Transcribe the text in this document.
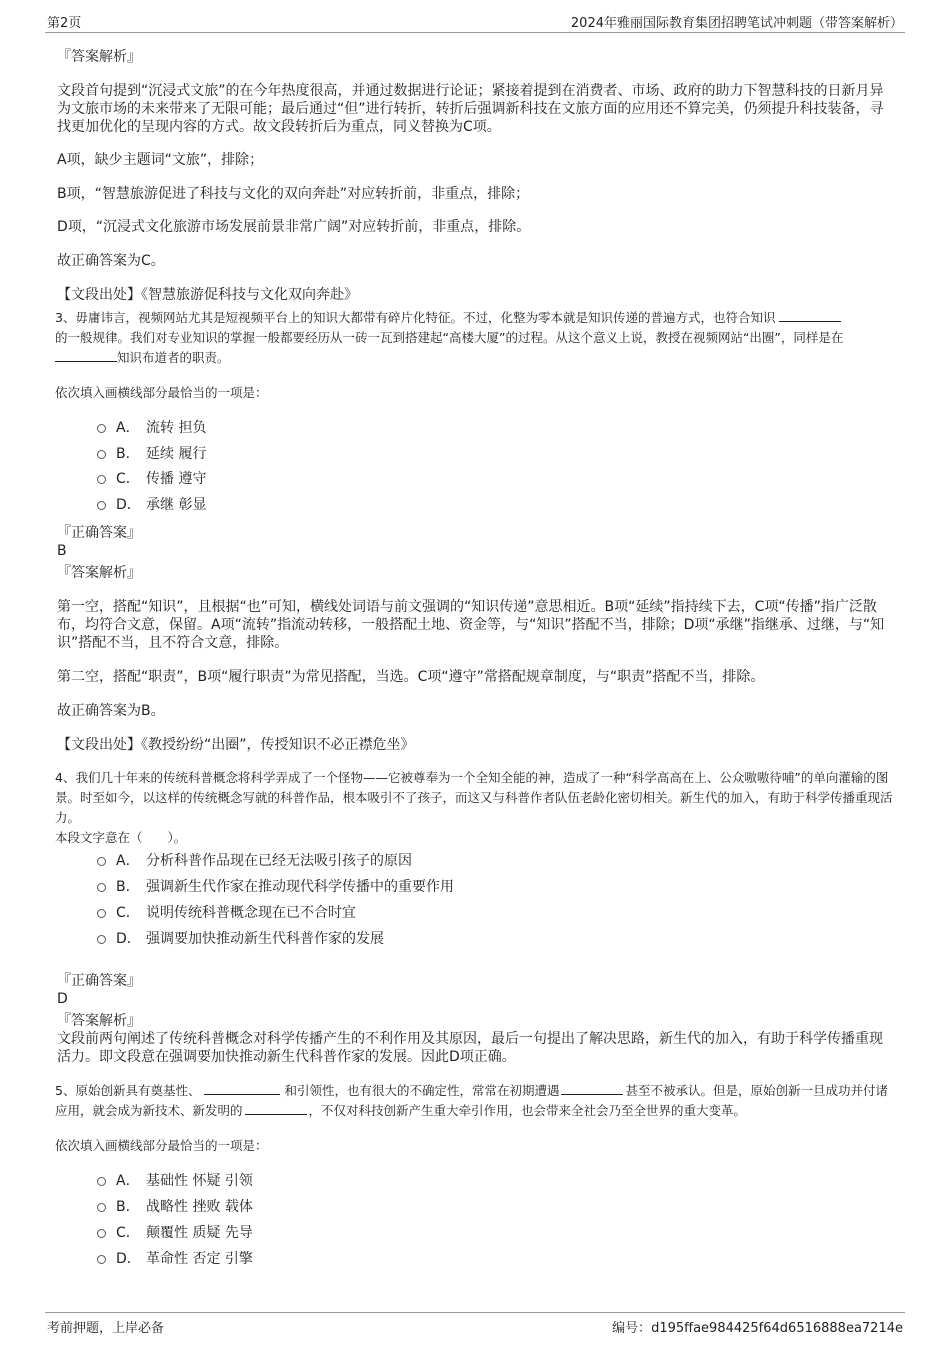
第2页	2024年雅丽国际教育集团招聘笔试冲刺题（带答案解析）
『答案解析』

文段首句提到“沉浸式文旅”的在今年热度很高，并通过数据进行论证；紧接着提到在消费者、市场、政府的助力下智慧科技的日新月异为文旅市场的未来带来了无限可能；最后通过“但”进行转折，转折后强调新科技在文旅方面的应用还不算完美，仍须提升科技装备，寻找更加优化的呈现内容的方式。故文段转折后为重点，同义替换为C项。

A项，缺少主题词“文旅”，排除；

B项，“智慧旅游促进了科技与文化的双向奔赴”对应转折前，非重点，排除；

D项，“沉浸式文化旅游市场发展前景非常广阔”对应转折前，非重点，排除。

故正确答案为C。

【文段出处】《智慧旅游促科技与文化双向奔赴》

3、毋庸讳言，视频网站尤其是短视频平台上的知识大都带有碎片化特征。不过，化整为零本就是知识传递的普遍方式，也符合知识
的一般规律。我们对专业知识的掌握一般都要经历从一砖一瓦到搭建起“高楼大厦”的过程。从这个意义上说，教授在视频网站“出圈”，同样是在
知识布道者的职责。

依次填入画横线部分最恰当的一项是：

A． 流转 担负
B． 延续 履行
C． 传播 遵守
D． 承继 彰显
『正确答案』
B
『答案解析』

第一空，搭配“知识”，且根据“也”可知，横线处词语与前文强调的“知识传递”意思相近。B项“延续”指持续下去，C项“传播”指广泛散布，均符合文意，保留。A项“流转”指流动转移，一般搭配土地、资金等，与“知识”搭配不当，排除；D项“承继”指继承、过继，与“知识”搭配不当，且不符合文意，排除。

第二空，搭配“职责”，B项“履行职责”为常见搭配，当选。C项“遵守”常搭配规章制度，与“职责”搭配不当，排除。

故正确答案为B。

【文段出处】《教授纷纷“出圈”，传授知识不必正襟危坐》

4、我们几十年来的传统科普概念将科学弄成了一个怪物——它被尊奉为一个全知全能的神，造成了一种“科学高高在上、公众嗷嗷待哺”的单向灌输的图景。时至如今，以这样的传统概念写就的科普作品，根本吸引不了孩子，而这又与科普作者队伍老龄化密切相关。新生代的加入，有助于科学传播重现活力。

本段文字意在（　　）。

A． 分析科普作品现在已经无法吸引孩子的原因
B． 强调新生代作家在推动现代科学传播中的重要作用
C． 说明传统科普概念现在已不合时宜
D． 强调要加快推动新生代科普作家的发展
『正确答案』
D
『答案解析』

文段前两句阐述了传统科普概念对科学传播产生的不利作用及其原因，最后一句提出了解决思路，新生代的加入，有助于科学传播重现活力。即文段意在强调要加快推动新生代科普作家的发展。因此D项正确。

5、原始创新具有奠基性、	和引领性，也有很大的不确定性，常常在初期遭遇	甚至不被承认。但是，原始创新一旦成功并付诸应用，就会成为新技术、新发明的	，不仅对科技创新产生重大牵引作用，也会带来全社会乃至全世界的重大变革。

依次填入画横线部分最恰当的一项是：

A． 基础性 怀疑 引领
B． 战略性 挫败 载体
C． 颠覆性 质疑 先导
D． 革命性 否定 引擎
考前押题，上岸必备	编号：d195ffae984425f64d6516888ea7214e
